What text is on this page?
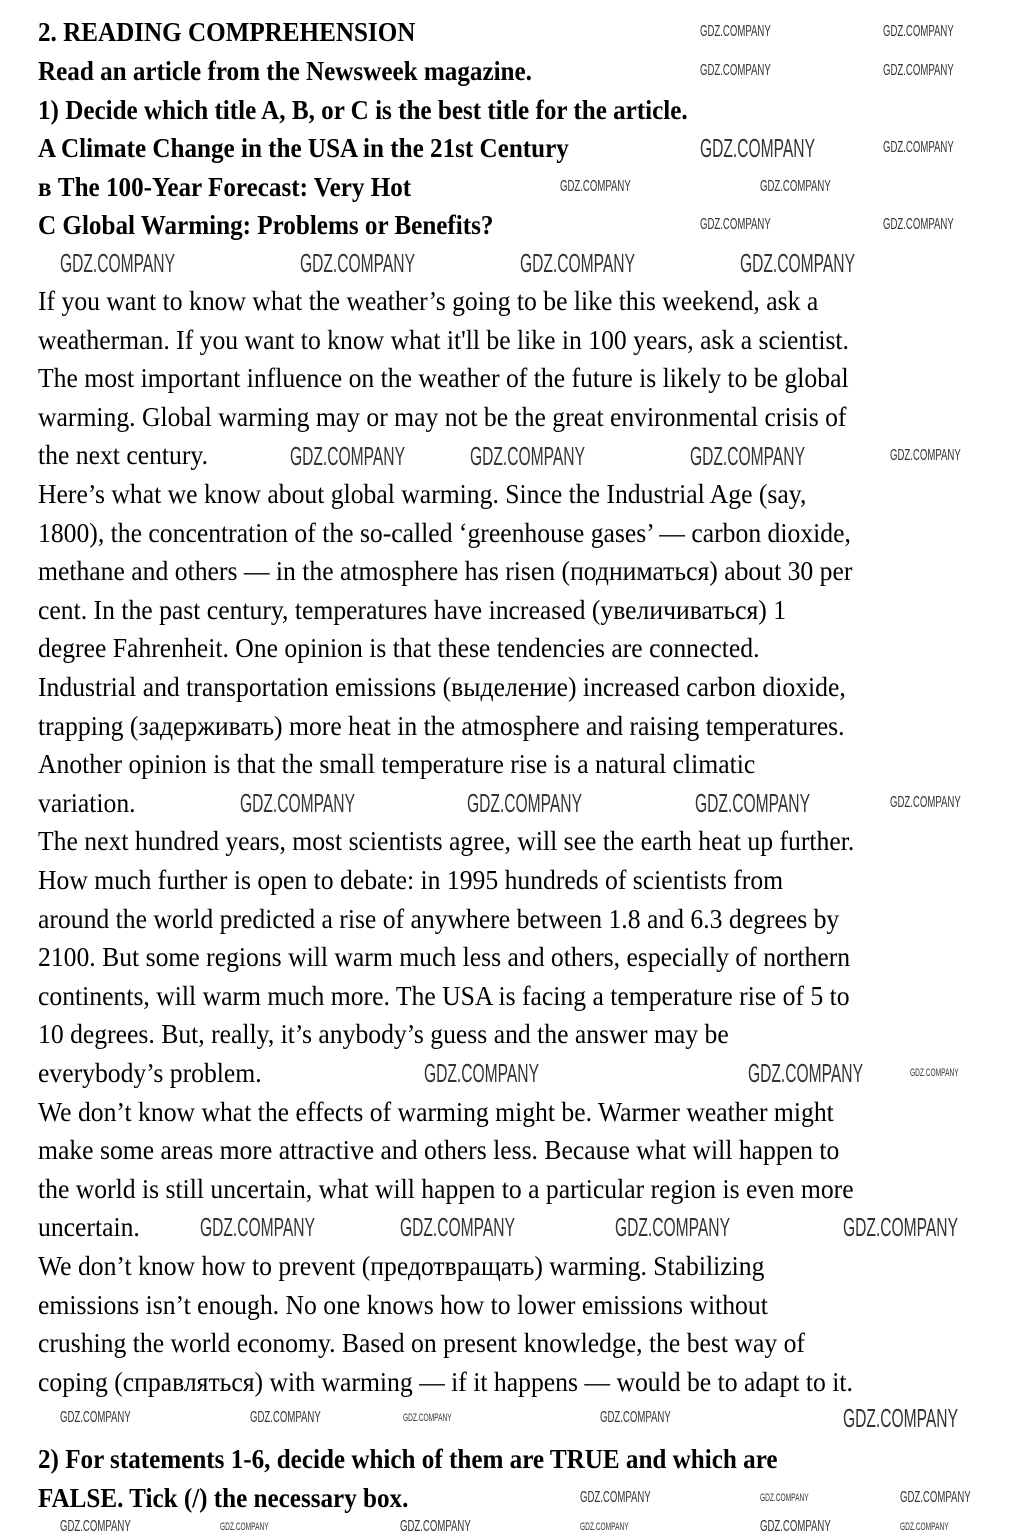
2. READING COMPREHENSION
Read an article from the Newsweek magazine.
1) Decide which title A, B, or C is the best title for the article.
A Climate Change in the USA in the 21st Century
в The 100-Year Forecast: Very Hot
C Global Warming: Problems or Benefits?
If you want to know what the weather’s going to be like this weekend, ask a
weatherman. If you want to know what it'll be like in 100 years, ask a scientist.
The most important influence on the weather of the future is likely to be global
warming. Global warming may or may not be the great environmental crisis of
the next century.
Here’s what we know about global warming. Since the Industrial Age (say,
1800), the concentration of the so-called ‘greenhouse gases’ — carbon dioxide,
methane and others — in the atmosphere has risen (подниматься) about 30 per
cent. In the past century, temperatures have increased (увеличиваться) 1
degree Fahrenheit. One opinion is that these tendencies are connected.
Industrial and transportation emissions (выделение) increased carbon dioxide,
trapping (задерживать) more heat in the atmosphere and raising temperatures.
Another opinion is that the small temperature rise is a natural climatic
variation.
The next hundred years, most scientists agree, will see the earth heat up further.
How much further is open to debate: in 1995 hundreds of scientists from
around the world predicted a rise of anywhere between 1.8 and 6.3 degrees by
2100. But some regions will warm much less and others, especially of northern
continents, will warm much more. The USA is facing a temperature rise of 5 to
10 degrees. But, really, it’s anybody’s guess and the answer may be
everybody’s problem.
We don’t know what the effects of warming might be. Warmer weather might
make some areas more attractive and others less. Because what will happen to
the world is still uncertain, what will happen to a particular region is even more
uncertain.
We don’t know how to prevent (предотвращать) warming. Stabilizing
emissions isn’t enough. No one knows how to lower emissions without
crushing the world economy. Based on present knowledge, the best way of
coping (справляться) with warming — if it happens — would be to adapt to it.
2) For statements 1-6, decide which of them are TRUE and which are
FALSE. Tick (/) the necessary box.
GDZ.COMPANY	GDZ.COMPANY
GDZ.COMPANY	GDZ.COMPANY
GDZ.COMPANY	GDZ.COMPANY
GDZ.COMPANY	GDZ.COMPANY
GDZ.COMPANY	GDZ.COMPANY
GDZ.COMPANY	GDZ.COMPANY	GDZ.COMPANY	GDZ.COMPANY
GDZ.COMPANY	GDZ.COMPANY	GDZ.COMPANY	GDZ.COMPANY
GDZ.COMPANY	GDZ.COMPANY	GDZ.COMPANY	GDZ.COMPANY
GDZ.COMPANY	GDZ.COMPANY	GDZ.COMPANY
GDZ.COMPANY	GDZ.COMPANY	GDZ.COMPANY	GDZ.COMPANY
GDZ.COMPANY	GDZ.COMPANY	GDZ.COMPANY	GDZ.COMPANY	GDZ.COMPANY
GDZ.COMPANY	GDZ.COMPANY	GDZ.COMPANY
GDZ.COMPANY	GDZ.COMPANY	GDZ.COMPANY	GDZ.COMPANY	GDZ.COMPANY	GDZ.COMPANY
